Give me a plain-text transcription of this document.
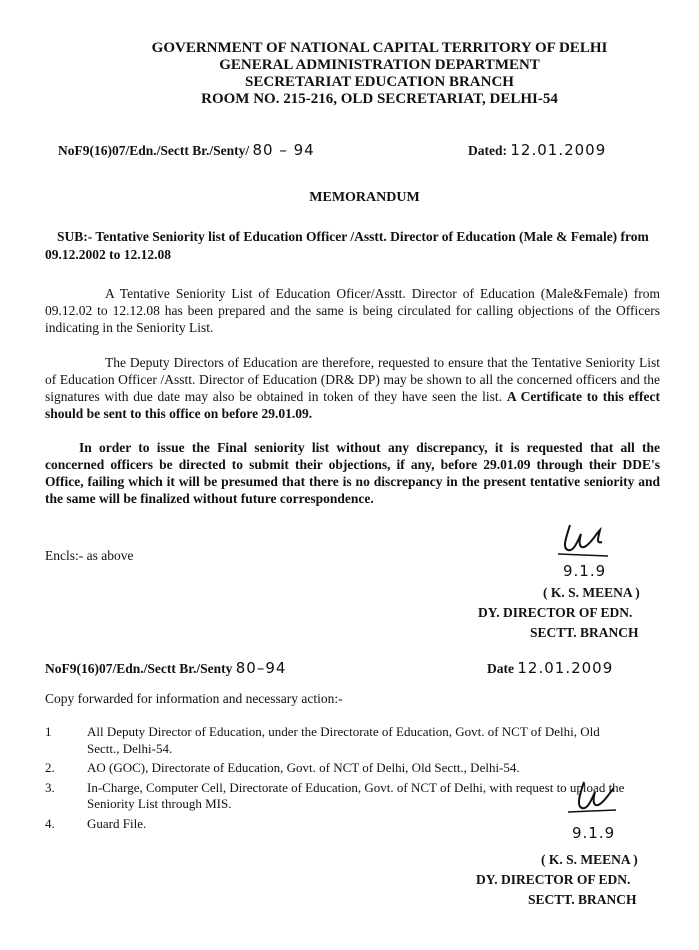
GOVERNMENT OF NATIONAL CAPITAL TERRITORY OF DELHI
GENERAL ADMINISTRATION DEPARTMENT
SECRETARIAT EDUCATION BRANCH
ROOM NO. 215-216, OLD SECRETARIAT, DELHI-54
NoF9(16)07/Edn./Sectt Br./Senty/ 80 – 94	Dated: 12.01.2009
MEMORANDUM
SUB:- Tentative Seniority list of Education Officer /Asstt. Director of Education (Male & Female) from 09.12.2002 to 12.12.08
A Tentative Seniority List of Education Oficer/Asstt. Director of Education (Male&Female) from 09.12.02 to 12.12.08 has been prepared and the same is being circulated for calling objections of the Officers indicating in the Seniority List.
The Deputy Directors of Education are therefore, requested to ensure that the Tentative Seniority List of Education Officer /Asstt. Director of Education (DR& DP) may be shown to all the concerned officers and the signatures with due date may also be obtained in token of they have seen the list. A Certificate to this effect should be sent to this office on before 29.01.09.
In order to issue the Final seniority list without any discrepancy, it is requested that all the concerned officers be directed to submit their objections, if any, before 29.01.09 through their DDE's Office, failing which it will be presumed that there is no discrepancy in the present tentative seniority and the same will be finalized without future correspondence.
Encls:- as above
9.1.9
( K. S. MEENA )
DY. DIRECTOR OF EDN.
SECTT. BRANCH
NoF9(16)07/Edn./Sectt Br./Senty 80–94	Date 12.01.2009
Copy forwarded for information and necessary action:-
1	All Deputy Director of Education, under the Directorate of Education, Govt. of NCT of Delhi, Old Sectt., Delhi-54.
2.	AO (GOC), Directorate of Education, Govt. of NCT of Delhi, Old Sectt., Delhi-54.
3.	In-Charge, Computer Cell, Directorate of Education, Govt. of NCT of Delhi, with request to upload the Seniority List through MIS.
4.	Guard File.
9.1.9
( K. S. MEENA )
DY. DIRECTOR OF EDN.
SECTT. BRANCH
